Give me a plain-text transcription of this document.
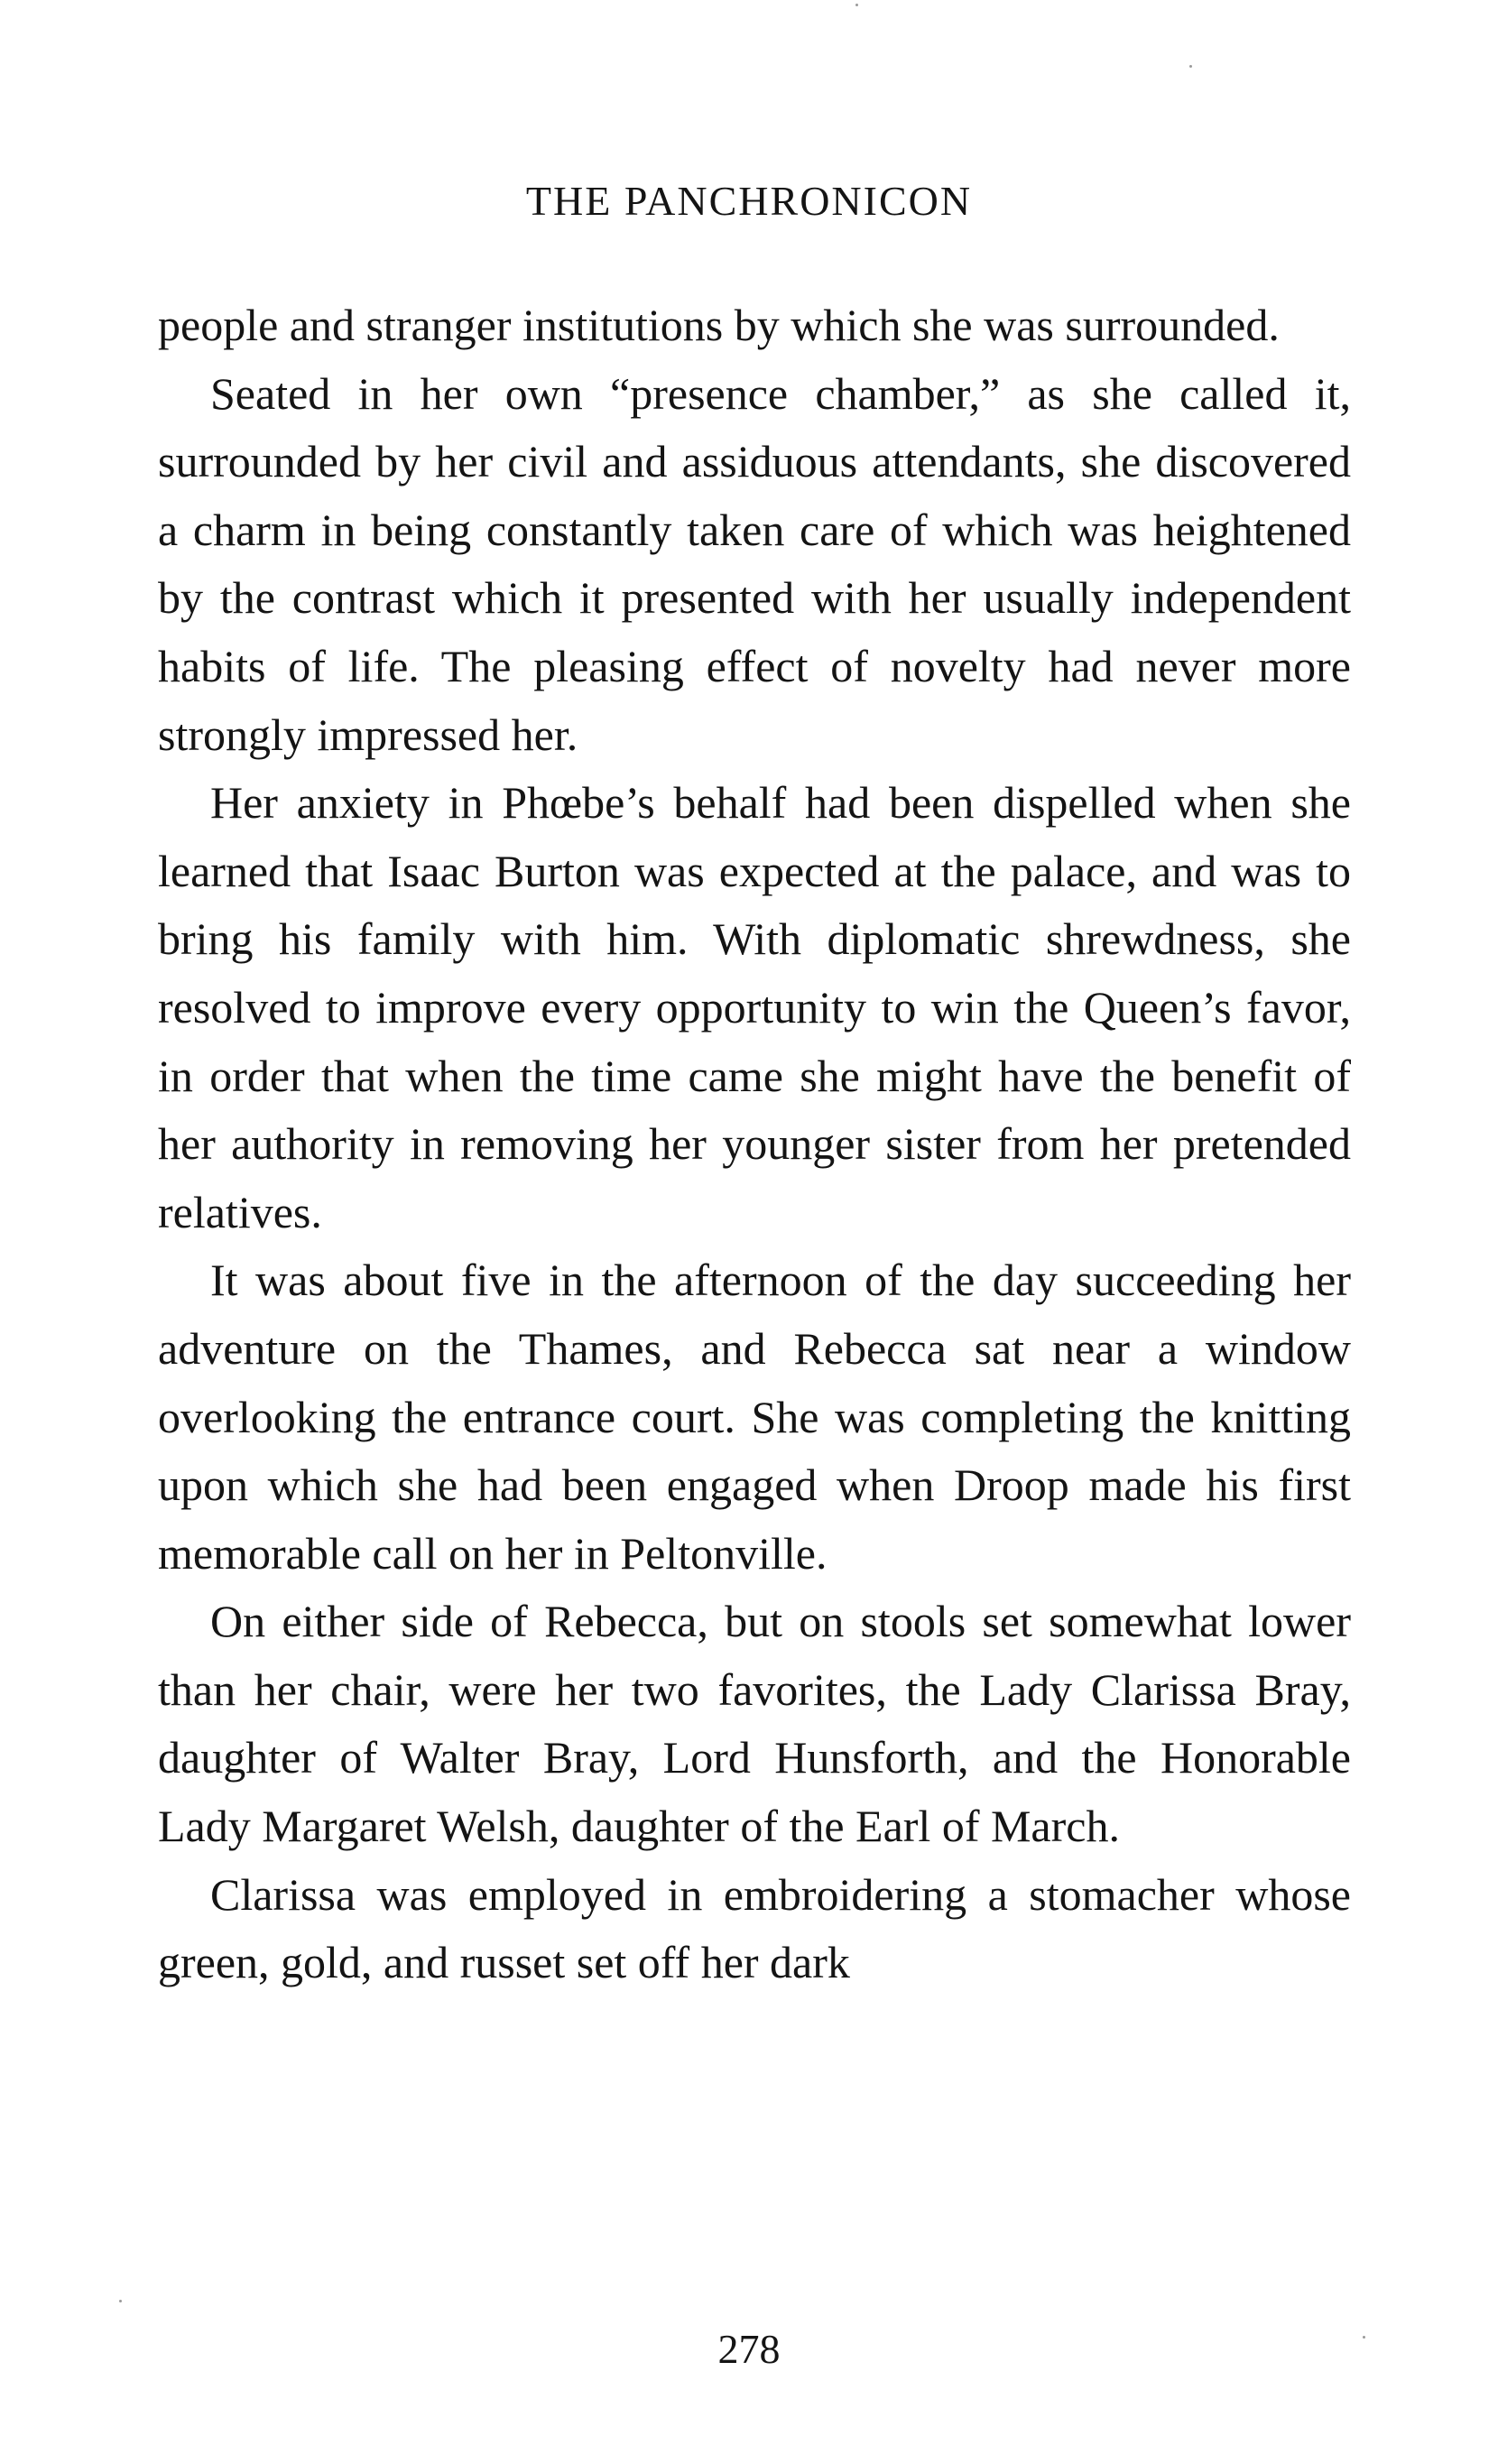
THE PANCHRONICON

people and stranger institutions by which she was surrounded.

Seated in her own “presence chamber,” as she called it, surrounded by her civil and assiduous attendants, she discovered a charm in being constantly taken care of which was heightened by the contrast which it presented with her usually independent habits of life. The pleasing effect of novelty had never more strongly impressed her.

Her anxiety in Phœbe’s behalf had been dispelled when she learned that Isaac Burton was expected at the palace, and was to bring his family with him. With diplomatic shrewdness, she resolved to improve every opportunity to win the Queen’s favor, in order that when the time came she might have the benefit of her authority in removing her younger sister from her pretended relatives.

It was about five in the afternoon of the day succeeding her adventure on the Thames, and Rebecca sat near a window overlooking the entrance court. She was completing the knitting upon which she had been engaged when Droop made his first memorable call on her in Peltonville.

On either side of Rebecca, but on stools set somewhat lower than her chair, were her two favorites, the Lady Clarissa Bray, daughter of Walter Bray, Lord Hunsforth, and the Honorable Lady Margaret Welsh, daughter of the Earl of March.

Clarissa was employed in embroidering a stomacher whose green, gold, and russet set off her dark

278
